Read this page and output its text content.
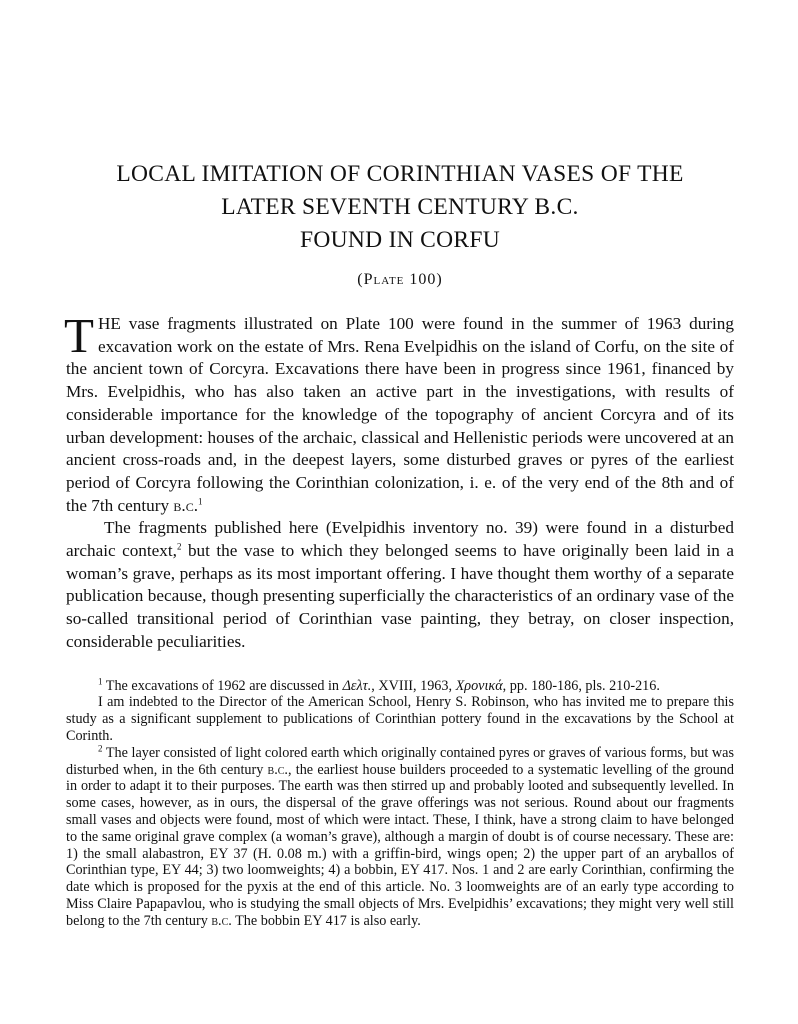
LOCAL IMITATION OF CORINTHIAN VASES OF THE
LATER SEVENTH CENTURY B.C.
FOUND IN CORFU
(Plate 100)

THE vase fragments illustrated on Plate 100 were found in the summer of 1963 during excavation work on the estate of Mrs. Rena Evelpidhis on the island of Corfu, on the site of the ancient town of Corcyra. Excavations there have been in progress since 1961, financed by Mrs. Evelpidhis, who has also taken an active part in the investigations, with results of considerable importance for the knowledge of the topography of ancient Corcyra and of its urban development: houses of the archaic, classical and Hellenistic periods were uncovered at an ancient cross-roads and, in the deepest layers, some disturbed graves or pyres of the earliest period of Corcyra following the Corinthian colonization, i. e. of the very end of the 8th and of the 7th century b.c.$^1$

The fragments published here (Evelpidhis inventory no. 39) were found in a disturbed archaic context,$^2$ but the vase to which they belonged seems to have originally been laid in a woman’s grave, perhaps as its most important offering. I have thought them worthy of a separate publication because, though presenting superficially the characteristics of an ordinary vase of the so-called transitional period of Corinthian vase painting, they betray, on closer inspection, considerable peculiarities.

$^1$ The excavations of 1962 are discussed in Δελτ., XVIII, 1963, Χρονικά, pp. 180-186, pls. 210-216.

I am indebted to the Director of the American School, Henry S. Robinson, who has invited me to prepare this study as a significant supplement to publications of Corinthian pottery found in the excavations by the School at Corinth.

$^2$ The layer consisted of light colored earth which originally contained pyres or graves of various forms, but was disturbed when, in the 6th century b.c., the earliest house builders proceeded to a systematic levelling of the ground in order to adapt it to their purposes. The earth was then stirred up and probably looted and subsequently levelled. In some cases, however, as in ours, the dispersal of the grave offerings was not serious. Round about our fragments small vases and objects were found, most of which were intact. These, I think, have a strong claim to have belonged to the same original grave complex (a woman’s grave), although a margin of doubt is of course necessary. These are: 1) the small alabastron, ΕΥ 37 (H. 0.08 m.) with a griffin-bird, wings open; 2) the upper part of an aryballos of Corinthian type, ΕΥ 44; 3) two loomweights; 4) a bobbin, ΕΥ 417. Nos. 1 and 2 are early Corinthian, confirming the date which is proposed for the pyxis at the end of this article. No. 3 loomweights are of an early type according to Miss Claire Papapavlou, who is studying the small objects of Mrs. Evelpidhis’ excavations; they might very well still belong to the 7th century b.c. The bobbin ΕΥ 417 is also early.
